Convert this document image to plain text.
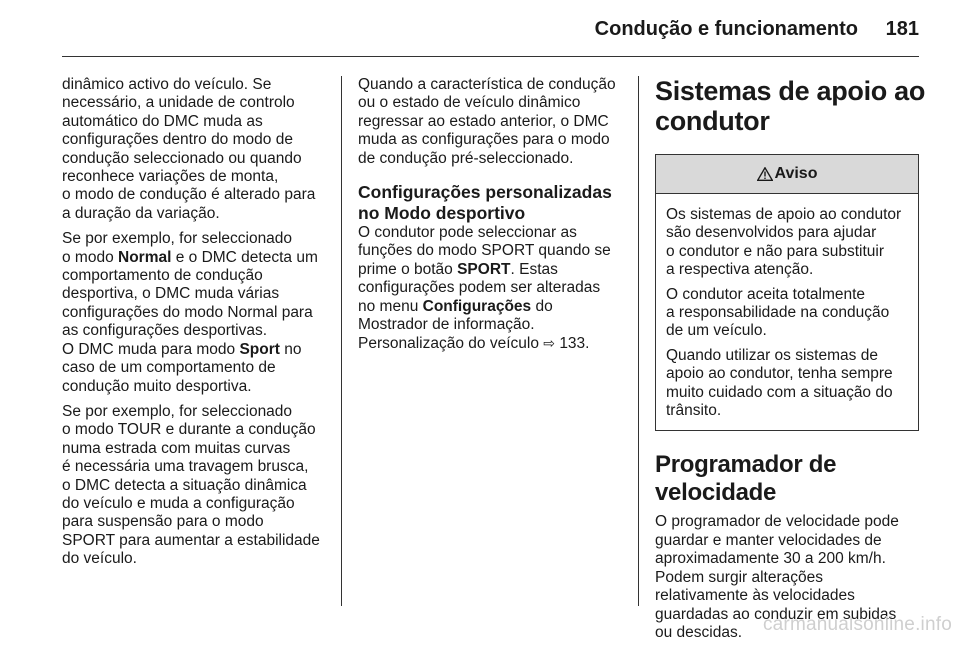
Condução e funcionamento 181

dinâmico activo do veículo. Se
necessário, a unidade de controlo
automático do DMC muda as
configurações dentro do modo de
condução seleccionado ou quando
reconhece variações de monta,
o modo de condução é alterado para
a duração da variação.

Se por exemplo, for seleccionado
o modo Normal e o DMC detecta um
comportamento de condução
desportiva, o DMC muda várias
configurações do modo Normal para
as configurações desportivas.
O DMC muda para modo Sport no
caso de um comportamento de
condução muito desportiva.

Se por exemplo, for seleccionado
o modo TOUR e durante a condução
numa estrada com muitas curvas
é necessária uma travagem brusca,
o DMC detecta a situação dinâmica
do veículo e muda a configuração
para suspensão para o modo
SPORT para aumentar a estabilidade
do veículo.

Quando a característica de condução
ou o estado de veículo dinâmico
regressar ao estado anterior, o DMC
muda as configurações para o modo
de condução pré-seleccionado.

Configurações personalizadas
no Modo desportivo

O condutor pode seleccionar as
funções do modo SPORT quando se
prime o botão SPORT. Estas
configurações podem ser alteradas
no menu Configurações do
Mostrador de informação.
Personalização do veículo ⇨ 133.

Sistemas de apoio ao
condutor
Aviso

Os sistemas de apoio ao condutor
são desenvolvidos para ajudar
o condutor e não para substituir
a respectiva atenção.

O condutor aceita totalmente
a responsabilidade na condução
de um veículo.

Quando utilizar os sistemas de
apoio ao condutor, tenha sempre
muito cuidado com a situação do
trânsito.

Programador de
velocidade

O programador de velocidade pode
guardar e manter velocidades de
aproximadamente 30 a 200 km/h.
Podem surgir alterações
relativamente às velocidades
guardadas ao conduzir em subidas
ou descidas.	carmanualsonline.info
